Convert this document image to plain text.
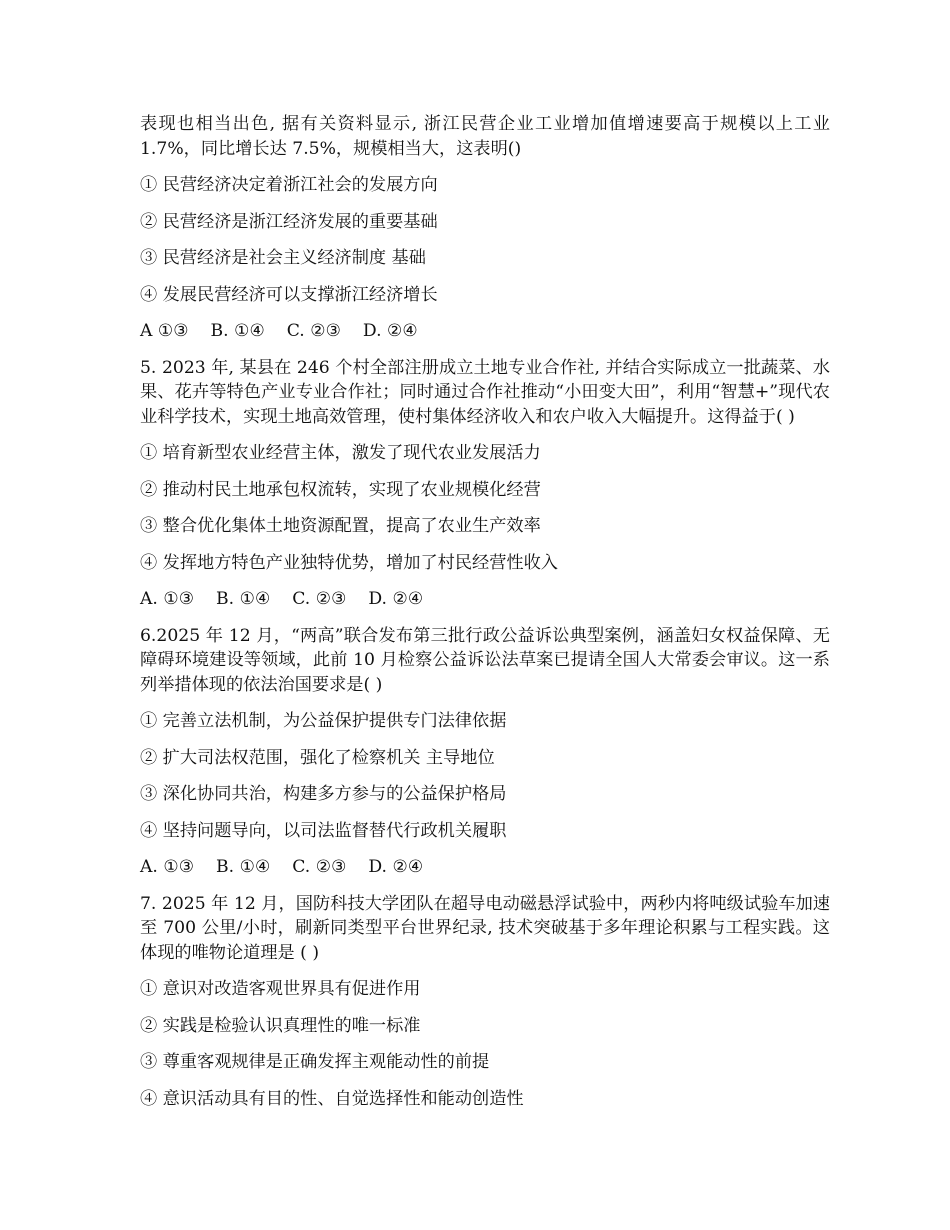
表现也相当出色, 据有关资料显示, 浙江民营企业工业增加值增速要高于规模以上工业 1.7%，同比增长达 7.5%，规模相当大，这表明()

① 民营经济决定着浙江社会的发展方向

② 民营经济是浙江经济发展的重要基础

③ 民营经济是社会主义经济制度 基础

④ 发展民营经济可以支撑浙江经济增长

A ①③    B. ①④    C. ②③    D. ②④

5. 2023 年, 某县在 246 个村全部注册成立土地专业合作社, 并结合实际成立一批蔬菜、水果、花卉等特色产业专业合作社；同时通过合作社推动“小田变大田”，利用“智慧+”现代农业科学技术，实现土地高效管理，使村集体经济收入和农户收入大幅提升。这得益于( )

① 培育新型农业经营主体，激发了现代农业发展活力

② 推动村民土地承包权流转，实现了农业规模化经营

③ 整合优化集体土地资源配置，提高了农业生产效率

④ 发挥地方特色产业独特优势，增加了村民经营性收入

A. ①③    B. ①④    C. ②③    D. ②④

6.2025 年 12 月，“两高”联合发布第三批行政公益诉讼典型案例，涵盖妇女权益保障、无障碍环境建设等领域，此前 10 月检察公益诉讼法草案已提请全国人大常委会审议。这一系列举措体现的依法治国要求是( )

① 完善立法机制，为公益保护提供专门法律依据

② 扩大司法权范围，强化了检察机关 主导地位

③ 深化协同共治，构建多方参与的公益保护格局

④ 坚持问题导向，以司法监督替代行政机关履职

A. ①③    B. ①④    C. ②③    D. ②④

7. 2025 年 12 月，国防科技大学团队在超导电动磁悬浮试验中，两秒内将吨级试验车加速至 700 公里/小时，刷新同类型平台世界纪录, 技术突破基于多年理论积累与工程实践。这体现的唯物论道理是 ( )

① 意识对改造客观世界具有促进作用

② 实践是检验认识真理性的唯一标准

③ 尊重客观规律是正确发挥主观能动性的前提

④ 意识活动具有目的性、自觉选择性和能动创造性
